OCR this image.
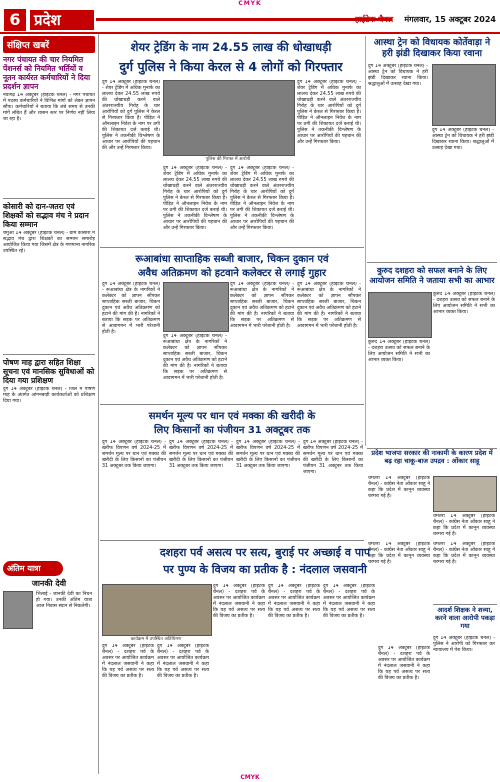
CMYK
6 प्रदेश	हाईटेक चैनल मंगलवार, 15 अक्टूबर 2024
संक्षिप्त खबरें
नगर पंचायत की चार नियमित पेंशनर्स को नियमित भर्तियों व नूतन कार्यरत कर्मचारियों ने दिया प्रदर्शन ज्ञापन
नवागढ़ 14 अक्टूबर (हाईटेक चैनल) - नगर पंचायत में पदस्थ कर्मचारियों ने विभिन्न मांगों को लेकर ज्ञापन सौंपा। कर्मचारियों ने बताया कि लंबे समय से उनकी मांगें लंबित हैं और शासन स्तर पर निर्णय नहीं लिया जा रहा है।
कोसारी को दान-जतरा एवं शिक्षकों को सद्भाव मंच ने प्रदान किया सम्मान
चमुआ 14 अक्टूबर (हाईटेक चैनल) - ग्राम कोसारी में सद्भाव मंच द्वारा शिक्षकों का सम्मान समारोह आयोजित किया गया जिसमें क्षेत्र के गणमान्य नागरिक उपस्थित रहे।
पोषण माह द्वारा सहित शिक्षा सूचना एवं मानसिक सुविधाओं को दिया गया प्रशिक्षण
दुर्ग 14 अक्टूबर (हाईटेक चैनल) - जिले में पोषण माह के अंतर्गत आंगनबाड़ी कार्यकर्ताओं को प्रशिक्षण दिया गया।
अंतिम यात्रा
जानकी देवी
भिलाई - जानकी देवी का निधन हो गया। उनकी अंतिम यात्रा आज निवास स्थान से निकलेगी।
शेयर ट्रेडिंग के नाम 24.55 लाख की धोखाधड़ी
दुर्ग पुलिस ने किया केरल से 4 लोगों को गिरफ्तार
दुर्ग 14 अक्टूबर (हाईटेक चैनल) - शेयर ट्रेडिंग में अधिक मुनाफे का लालच देकर 24.55 लाख रुपये की धोखाधड़ी करने वाले अंतरराज्यीय गिरोह के चार आरोपियों को दुर्ग पुलिस ने केरल से गिरफ्तार किया है। पीड़ित ने ऑनलाइन निवेश के नाम पर ठगी की शिकायत दर्ज कराई थी। पुलिस ने तकनीकी विश्लेषण के आधार पर आरोपियों की पहचान की और उन्हें गिरफ्तार किया।
पुलिस की गिरफ्त में आरोपी
दुर्ग 14 अक्टूबर (हाईटेक चैनल) - शेयर ट्रेडिंग में अधिक मुनाफे का लालच देकर 24.55 लाख रुपये की धोखाधड़ी करने वाले अंतरराज्यीय गिरोह के चार आरोपियों को दुर्ग पुलिस ने केरल से गिरफ्तार किया है। पीड़ित ने ऑनलाइन निवेश के नाम पर ठगी की शिकायत दर्ज कराई थी। पुलिस ने तकनीकी विश्लेषण के आधार पर आरोपियों की पहचान की और उन्हें गिरफ्तार किया।
दुर्ग 14 अक्टूबर (हाईटेक चैनल) - शेयर ट्रेडिंग में अधिक मुनाफे का लालच देकर 24.55 लाख रुपये की धोखाधड़ी करने वाले अंतरराज्यीय गिरोह के चार आरोपियों को दुर्ग पुलिस ने केरल से गिरफ्तार किया है। पीड़ित ने ऑनलाइन निवेश के नाम पर ठगी की शिकायत दर्ज कराई थी। पुलिस ने तकनीकी विश्लेषण के आधार पर आरोपियों की पहचान की और उन्हें गिरफ्तार किया।
दुर्ग 14 अक्टूबर (हाईटेक चैनल) - शेयर ट्रेडिंग में अधिक मुनाफे का लालच देकर 24.55 लाख रुपये की धोखाधड़ी करने वाले अंतरराज्यीय गिरोह के चार आरोपियों को दुर्ग पुलिस ने केरल से गिरफ्तार किया है। पीड़ित ने ऑनलाइन निवेश के नाम पर ठगी की शिकायत दर्ज कराई थी। पुलिस ने तकनीकी विश्लेषण के आधार पर आरोपियों की पहचान की और उन्हें गिरफ्तार किया।
आस्था ट्रेन को विधायक कोर्तेवाड़ा ने हरी झंडी दिखाकर किया रवाना
दुर्ग 14 अक्टूबर (हाईटेक चैनल) - आस्था ट्रेन को विधायक ने हरी झंडी दिखाकर रवाना किया। श्रद्धालुओं में उत्साह देखा गया।
दुर्ग 14 अक्टूबर (हाईटेक चैनल) - आस्था ट्रेन को विधायक ने हरी झंडी दिखाकर रवाना किया। श्रद्धालुओं में उत्साह देखा गया।
रूआबांधा साप्ताहिक सब्जी बाजार, चिकन दुकान एवं
अवैध अतिक्रमण को हटवाने कलेक्टर से लगाई गुहार
दुर्ग 14 अक्टूबर (हाईटेक चैनल) - रूआबांधा क्षेत्र के नागरिकों ने कलेक्टर को ज्ञापन सौंपकर साप्ताहिक सब्जी बाजार, चिकन दुकान एवं अवैध अतिक्रमण को हटाने की मांग की है। नागरिकों ने बताया कि सड़क पर अतिक्रमण से आवागमन में भारी परेशानी होती है।
दुर्ग 14 अक्टूबर (हाईटेक चैनल) - रूआबांधा क्षेत्र के नागरिकों ने कलेक्टर को ज्ञापन सौंपकर साप्ताहिक सब्जी बाजार, चिकन दुकान एवं अवैध अतिक्रमण को हटाने की मांग की है। नागरिकों ने बताया कि सड़क पर अतिक्रमण से आवागमन में भारी परेशानी होती है।
दुर्ग 14 अक्टूबर (हाईटेक चैनल) - रूआबांधा क्षेत्र के नागरिकों ने कलेक्टर को ज्ञापन सौंपकर साप्ताहिक सब्जी बाजार, चिकन दुकान एवं अवैध अतिक्रमण को हटाने की मांग की है। नागरिकों ने बताया कि सड़क पर अतिक्रमण से आवागमन में भारी परेशानी होती है।
दुर्ग 14 अक्टूबर (हाईटेक चैनल) - रूआबांधा क्षेत्र के नागरिकों ने कलेक्टर को ज्ञापन सौंपकर साप्ताहिक सब्जी बाजार, चिकन दुकान एवं अवैध अतिक्रमण को हटाने की मांग की है। नागरिकों ने बताया कि सड़क पर अतिक्रमण से आवागमन में भारी परेशानी होती है।
कुरुद दशहरा को सफल बनाने के लिए आयोजन समिति ने जताया सभी का आभार
कुरुद 14 अक्टूबर (हाईटेक चैनल) - दशहरा उत्सव को सफल बनाने के लिए आयोजन समिति ने सभी का आभार व्यक्त किया।
कुरुद 14 अक्टूबर (हाईटेक चैनल) - दशहरा उत्सव को सफल बनाने के लिए आयोजन समिति ने सभी का आभार व्यक्त किया।
समर्थन मूल्य पर धान एवं मक्का की खरीदी के
लिए किसानों का पंजीयन 31 अक्टूबर तक
दुर्ग 14 अक्टूबर (हाईटेक चैनल) - खरीफ विपणन वर्ष 2024-25 में समर्थन मूल्य पर धान एवं मक्का की खरीदी के लिए किसानों का पंजीयन 31 अक्टूबर तक किया जाएगा।
दुर्ग 14 अक्टूबर (हाईटेक चैनल) - खरीफ विपणन वर्ष 2024-25 में समर्थन मूल्य पर धान एवं मक्का की खरीदी के लिए किसानों का पंजीयन 31 अक्टूबर तक किया जाएगा।
दुर्ग 14 अक्टूबर (हाईटेक चैनल) - खरीफ विपणन वर्ष 2024-25 में समर्थन मूल्य पर धान एवं मक्का की खरीदी के लिए किसानों का पंजीयन 31 अक्टूबर तक किया जाएगा।
दुर्ग 14 अक्टूबर (हाईटेक चैनल) - खरीफ विपणन वर्ष 2024-25 में समर्थन मूल्य पर धान एवं मक्का की खरीदी के लिए किसानों का पंजीयन 31 अक्टूबर तक किया जाएगा।
प्रदेश भाजपा सरकार की नाकामी के कारण प्रदेश में बढ़ रहा चाकू-बाज उपद्रव : ओंकार साहू
धमतरी 14 अक्टूबर (हाईटेक चैनल) - कांग्रेस नेता ओंकार साहू ने कहा कि प्रदेश में कानून व्यवस्था चरमरा गई है।
धमतरी 14 अक्टूबर (हाईटेक चैनल) - कांग्रेस नेता ओंकार साहू ने कहा कि प्रदेश में कानून व्यवस्था चरमरा गई है।
धमतरी 14 अक्टूबर (हाईटेक चैनल) - कांग्रेस नेता ओंकार साहू ने कहा कि प्रदेश में कानून व्यवस्था चरमरा गई है।
धमतरी 14 अक्टूबर (हाईटेक चैनल) - कांग्रेस नेता ओंकार साहू ने कहा कि प्रदेश में कानून व्यवस्था चरमरा गई है।
आदर्श शिक्षक ने शव्या, करने वाला आरोपी पकड़ा गया
दुर्ग 14 अक्टूबर (हाईटेक चैनल) - पुलिस ने आरोपी को गिरफ्तार कर न्यायालय में पेश किया।
दशहरा पर्व असत्य पर सत्य, बुराई पर अच्छाई व पाप
पर पुण्य के विजय का प्रतीक है : नंदलाल जसवानी
कार्यक्रम में उपस्थित अतिथिगण
दुर्ग 14 अक्टूबर (हाईटेक चैनल) - दशहरा पर्व के अवसर पर आयोजित कार्यक्रम में नंदलाल जसवानी ने कहा कि यह पर्व असत्य पर सत्य की विजय का प्रतीक है।
दुर्ग 14 अक्टूबर (हाईटेक चैनल) - दशहरा पर्व के अवसर पर आयोजित कार्यक्रम में नंदलाल जसवानी ने कहा कि यह पर्व असत्य पर सत्य की विजय का प्रतीक है।
दुर्ग 14 अक्टूबर (हाईटेक चैनल) - दशहरा पर्व के अवसर पर आयोजित कार्यक्रम में नंदलाल जसवानी ने कहा कि यह पर्व असत्य पर सत्य की विजय का प्रतीक है।
दुर्ग 14 अक्टूबर (हाईटेक चैनल) - दशहरा पर्व के अवसर पर आयोजित कार्यक्रम में नंदलाल जसवानी ने कहा कि यह पर्व असत्य पर सत्य की विजय का प्रतीक है।
दुर्ग 14 अक्टूबर (हाईटेक चैनल) - दशहरा पर्व के अवसर पर आयोजित कार्यक्रम में नंदलाल जसवानी ने कहा कि यह पर्व असत्य पर सत्य की विजय का प्रतीक है।
दुर्ग 14 अक्टूबर (हाईटेक चैनल) - दशहरा पर्व के अवसर पर आयोजित कार्यक्रम में नंदलाल जसवानी ने कहा कि यह पर्व असत्य पर सत्य की विजय का प्रतीक है।
CMYK
